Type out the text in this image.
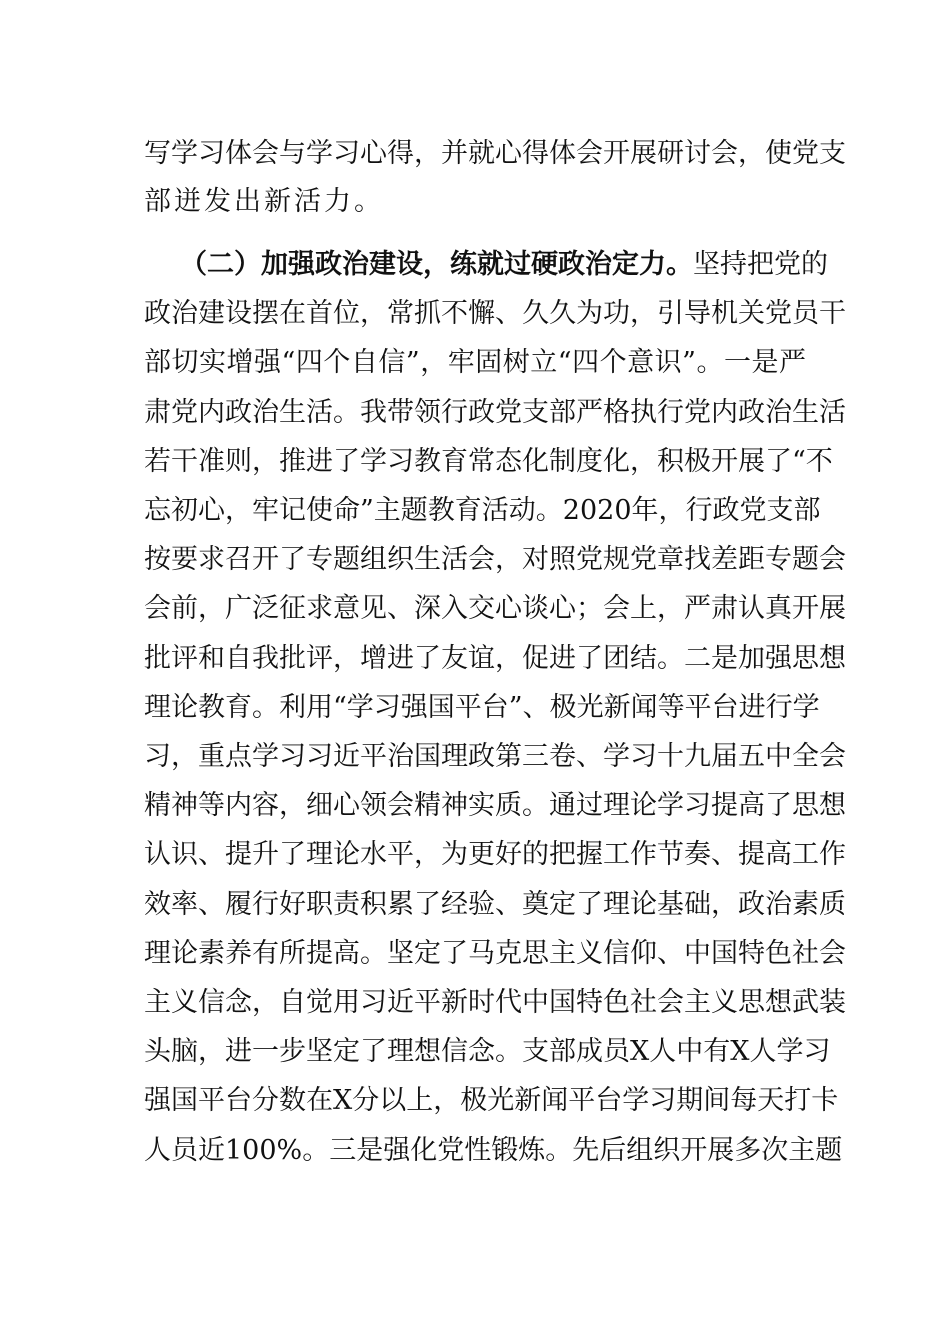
写学习体会与学习心得，并就心得体会开展研讨会，使党支
部迸发出新活力。
（二）加强政治建设，练就过硬政治定力。坚持把党的
政治建设摆在首位，常抓不懈、久久为功，引导机关党员干
部切实增强“四个自信”，牢固树立“四个意识”。一是严
肃党内政治生活。我带领行政党支部严格执行党内政治生活
若干准则，推进了学习教育常态化制度化，积极开展了“不
忘初心，牢记使命”主题教育活动。2020年，行政党支部
按要求召开了专题组织生活会，对照党规党章找差距专题会
会前，广泛征求意见、深入交心谈心；会上，严肃认真开展
批评和自我批评，增进了友谊，促进了团结。二是加强思想
理论教育。利用“学习强国平台”、极光新闻等平台进行学
习，重点学习习近平治国理政第三卷、学习十九届五中全会
精神等内容，细心领会精神实质。通过理论学习提高了思想
认识、提升了理论水平，为更好的把握工作节奏、提高工作
效率、履行好职责积累了经验、奠定了理论基础，政治素质
理论素养有所提高。坚定了马克思主义信仰、中国特色社会
主义信念，自觉用习近平新时代中国特色社会主义思想武装
头脑，进一步坚定了理想信念。支部成员X人中有X人学习
强国平台分数在X分以上，极光新闻平台学习期间每天打卡
人员近100%。三是强化党性锻炼。先后组织开展多次主题
